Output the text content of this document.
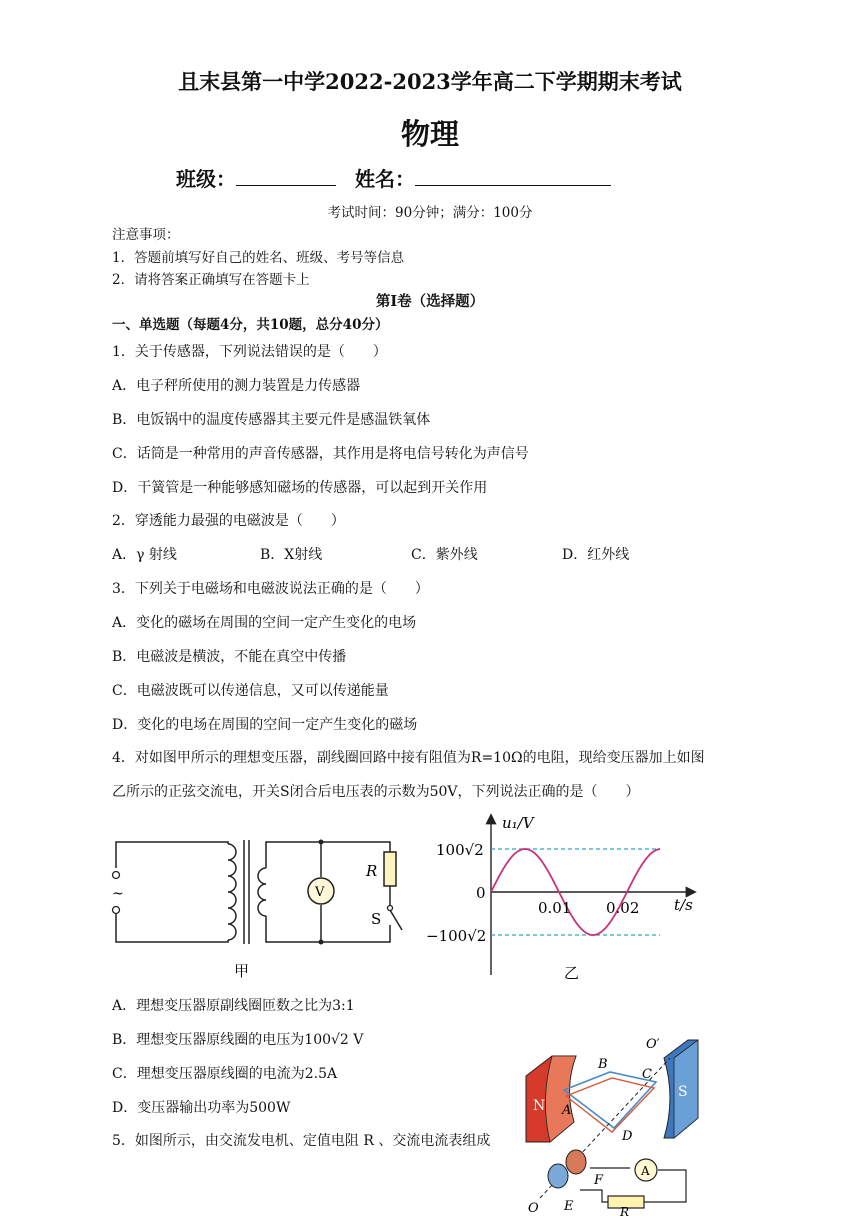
且末县第一中学2022-2023学年高二下学期期末考试
物理
班级：	姓名：
考试时间：90分钟；满分：100分
注意事项：
1．答题前填写好自己的姓名、班级、考号等信息
2．请将答案正确填写在答题卡上
第I卷（选择题）
一、单选题（每题4分，共10题，总分40分）
1．关于传感器，下列说法错误的是（　　）
A．电子秤所使用的测力装置是力传感器
B．电饭锅中的温度传感器其主要元件是感温铁氧体
C．话筒是一种常用的声音传感器，其作用是将电信号转化为声信号
D．干簧管是一种能够感知磁场的传感器，可以起到开关作用
2．穿透能力最强的电磁波是（　　）
A．γ 射线	B．X射线	C．紫外线	D．红外线
3．下列关于电磁场和电磁波说法正确的是（　　）
A．变化的磁场在周围的空间一定产生变化的电场
B．电磁波是横波，不能在真空中传播
C．电磁波既可以传递信息，又可以传递能量
D．变化的电场在周围的空间一定产生变化的磁场
4．对如图甲所示的理想变压器，副线圈回路中接有阻值为R=10Ω的电阻，现给变压器加上如图
乙所示的正弦交流电，开关S闭合后电压表的示数为50V，下列说法正确的是（　　）
~	V
R
S
甲
u₁/V
t/s
100√2
−100√2
0
0.01 0.02
乙
A．理想变压器原副线圈匝数之比为3:1
B．理想变压器原线圈的电压为100√2 V
C．理想变压器原线圈的电流为2.5A
D．变压器输出功率为500W
5．如图所示，由交流发电机、定值电阻 R 、交流电流表组成
N
S
A
B
C
D
E
F
O
O′
A
R
